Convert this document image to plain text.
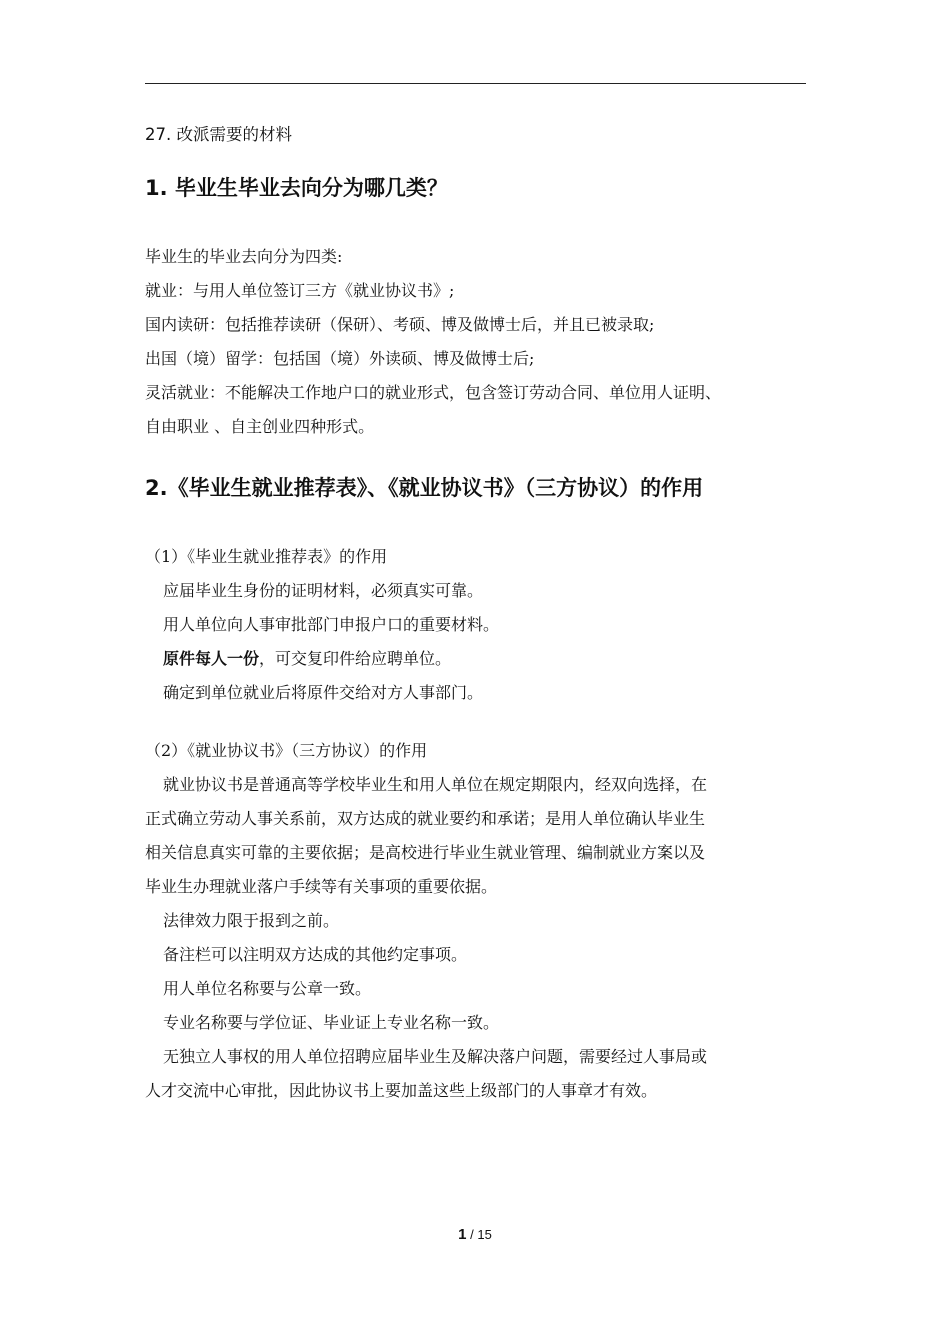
27. 改派需要的材料

1. 毕业生毕业去向分为哪几类？

毕业生的毕业去向分为四类:

就业：与用人单位签订三方《就业协议书》;

国内读研：包括推荐读研（保研）、考硕、博及做博士后，并且已被录取;

出国（境）留学：包括国（境）外读硕、博及做博士后;

灵活就业：不能解决工作地户口的就业形式，包含签订劳动合同、单位用人证明、

自由职业 、自主创业四种形式。

2.《毕业生就业推荐表》、《就业协议书》（三方协议）的作用

（1）《毕业生就业推荐表》的作用

应届毕业生身份的证明材料，必须真实可靠。

用人单位向人事审批部门申报户口的重要材料。

原件每人一份，可交复印件给应聘单位。

确定到单位就业后将原件交给对方人事部门。

（2）《就业协议书》（三方协议）的作用

就业协议书是普通高等学校毕业生和用人单位在规定期限内，经双向选择，在

正式确立劳动人事关系前，双方达成的就业要约和承诺；是用人单位确认毕业生

相关信息真实可靠的主要依据；是高校进行毕业生就业管理、编制就业方案以及

毕业生办理就业落户手续等有关事项的重要依据。

法律效力限于报到之前。

备注栏可以注明双方达成的其他约定事项。

用人单位名称要与公章一致。

专业名称要与学位证、毕业证上专业名称一致。

无独立人事权的用人单位招聘应届毕业生及解决落户问题，需要经过人事局或

人才交流中心审批，因此协议书上要加盖这些上级部门的人事章才有效。

1 / 15
